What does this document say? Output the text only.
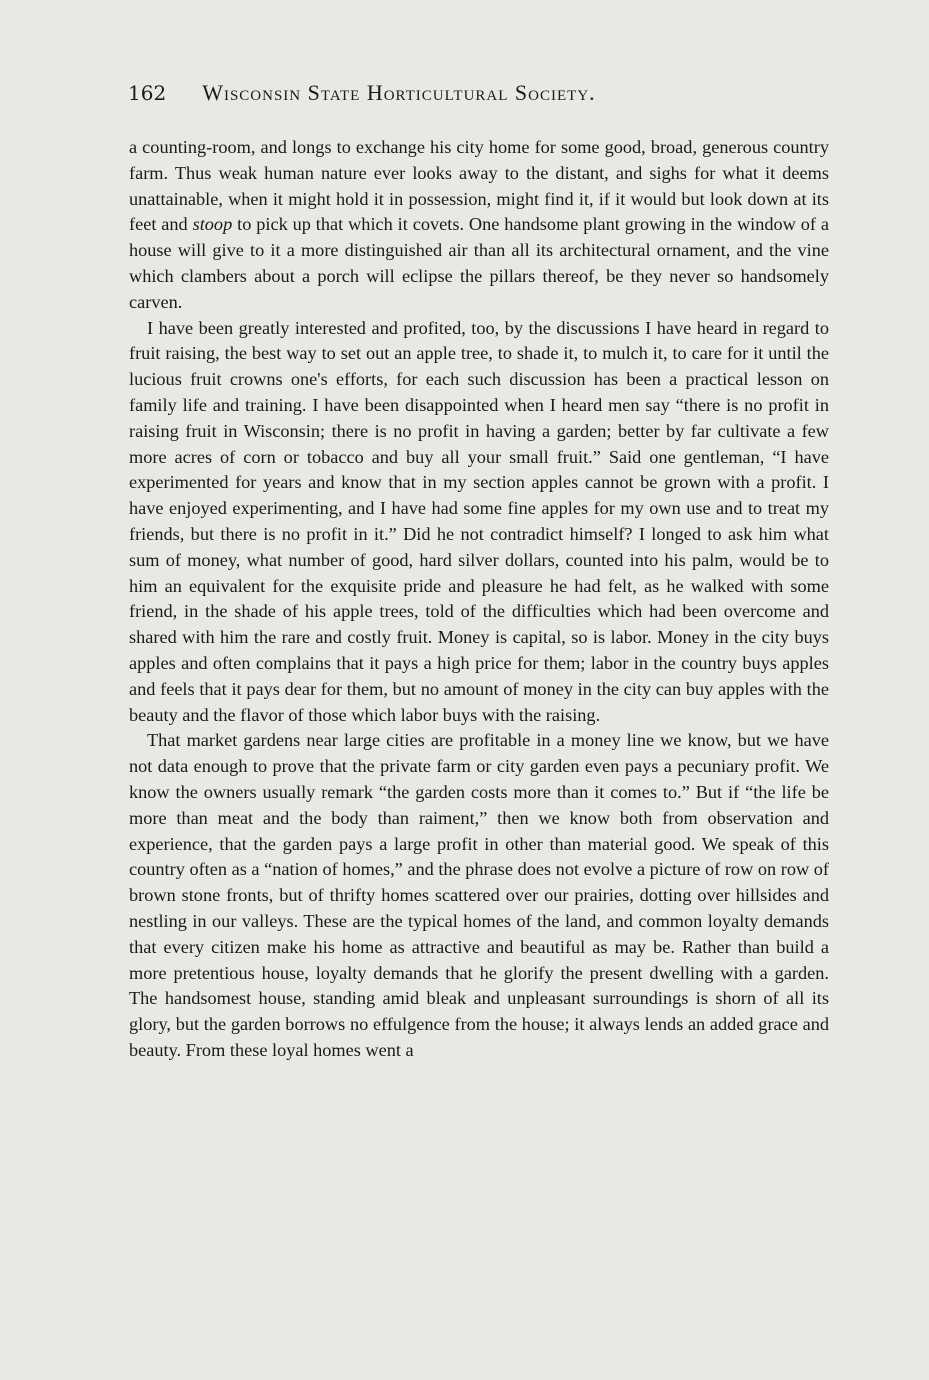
162 Wisconsin State Horticultural Society.

a counting-room, and longs to exchange his city home for some good, broad, generous country farm. Thus weak human nature ever looks away to the distant, and sighs for what it deems unattainable, when it might hold it in possession, might find it, if it would but look down at its feet and stoop to pick up that which it covets. One handsome plant growing in the window of a house will give to it a more distinguished air than all its architectural ornament, and the vine which clambers about a porch will eclipse the pillars thereof, be they never so handsomely carven.

I have been greatly interested and profited, too, by the discussions I have heard in regard to fruit raising, the best way to set out an apple tree, to shade it, to mulch it, to care for it until the lucious fruit crowns one's efforts, for each such discussion has been a practical lesson on family life and training. I have been disappointed when I heard men say “there is no profit in raising fruit in Wisconsin; there is no profit in having a garden; better by far cultivate a few more acres of corn or tobacco and buy all your small fruit.” Said one gentleman, “I have experimented for years and know that in my section apples cannot be grown with a profit. I have enjoyed experimenting, and I have had some fine apples for my own use and to treat my friends, but there is no profit in it.” Did he not contradict himself? I longed to ask him what sum of money, what number of good, hard silver dollars, counted into his palm, would be to him an equivalent for the exquisite pride and pleasure he had felt, as he walked with some friend, in the shade of his apple trees, told of the difficulties which had been overcome and shared with him the rare and costly fruit. Money is capital, so is labor. Money in the city buys apples and often complains that it pays a high price for them; labor in the country buys apples and feels that it pays dear for them, but no amount of money in the city can buy apples with the beauty and the flavor of those which labor buys with the raising.

That market gardens near large cities are profitable in a money line we know, but we have not data enough to prove that the private farm or city garden even pays a pecuniary profit. We know the owners usually remark “the garden costs more than it comes to.” But if “the life be more than meat and the body than raiment,” then we know both from observation and experience, that the garden pays a large profit in other than material good. We speak of this country often as a “nation of homes,” and the phrase does not evolve a picture of row on row of brown stone fronts, but of thrifty homes scattered over our prairies, dotting over hillsides and nestling in our valleys. These are the typical homes of the land, and common loyalty demands that every citizen make his home as attractive and beautiful as may be. Rather than build a more pretentious house, loyalty demands that he glorify the present dwelling with a garden. The handsomest house, standing amid bleak and unpleasant surroundings is shorn of all its glory, but the garden borrows no effulgence from the house; it always lends an added grace and beauty. From these loyal homes went a
